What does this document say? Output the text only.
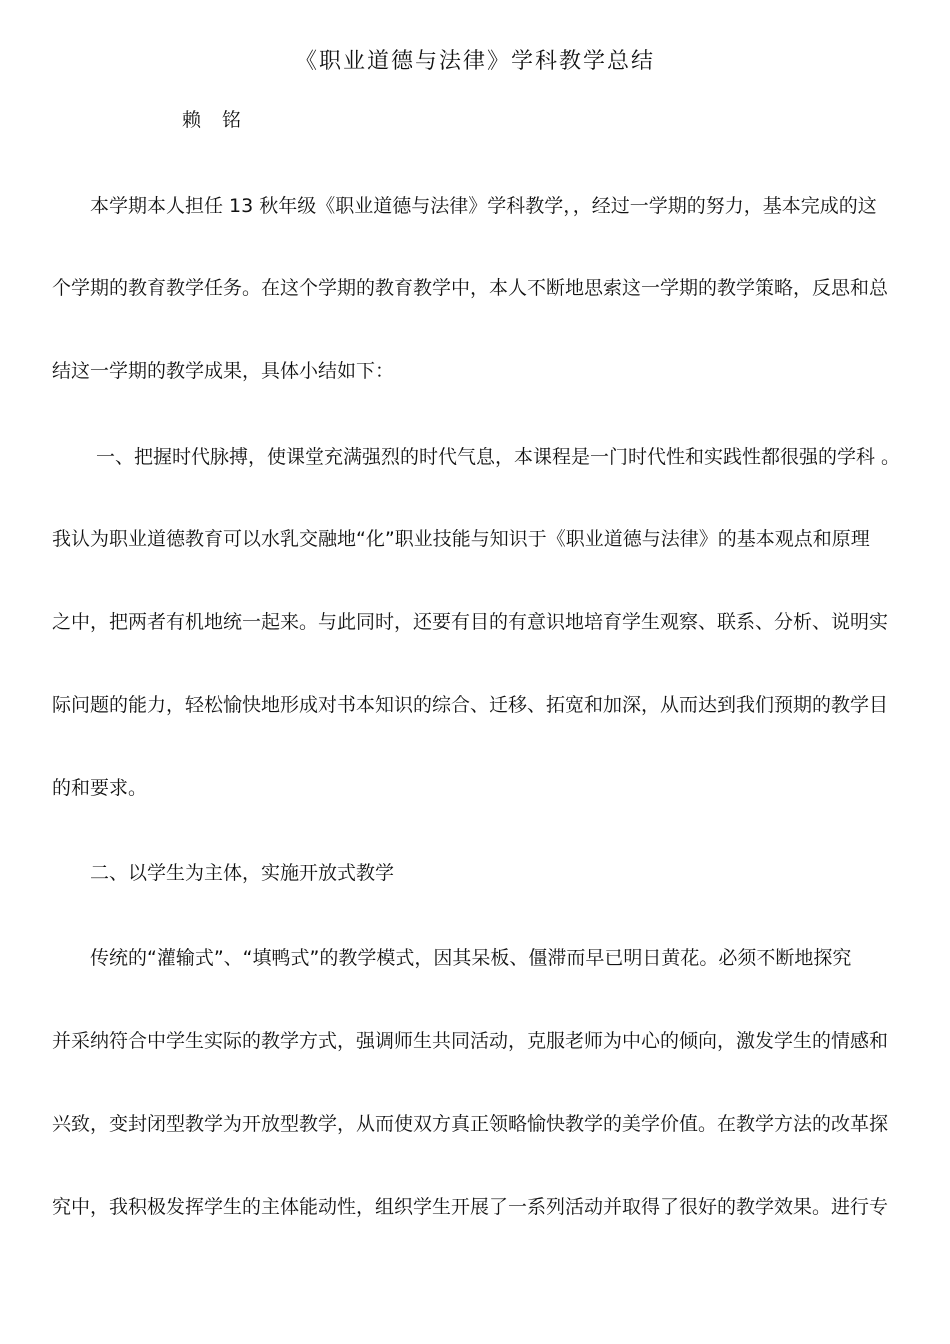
《职业道德与法律》学科教学总结
赖铭
本学期本人担任 13 秋年级《职业道德与法律》学科教学，，经过一学期的努力，基本完成的这
个学期的教育教学任务。在这个学期的教育教学中，本人不断地思索这一学期的教学策略，反思和总
结这一学期的教学成果，具体小结如下：
一、把握时代脉搏，使课堂充满强烈的时代气息，本课程是一门时代性和实践性都很强的学科 。
我认为职业道德教育可以水乳交融地“化”职业技能与知识于《职业道德与法律》的基本观点和原理
之中，把两者有机地统一起来。与此同时，还要有目的有意识地培育学生观察、联系、分析、说明实
际问题的能力，轻松愉快地形成对书本知识的综合、迁移、拓宽和加深，从而达到我们预期的教学目
的和要求。
二、以学生为主体，实施开放式教学
传统的“灌输式”、“填鸭式”的教学模式，因其呆板、僵滞而早已明日黄花。必须不断地探究
并采纳符合中学生实际的教学方式，强调师生共同活动，克服老师为中心的倾向，激发学生的情感和
兴致，变封闭型教学为开放型教学，从而使双方真正领略愉快教学的美学价值。在教学方法的改革探
究中，我积极发挥学生的主体能动性，组织学生开展了一系列活动并取得了很好的教学效果。进行专
